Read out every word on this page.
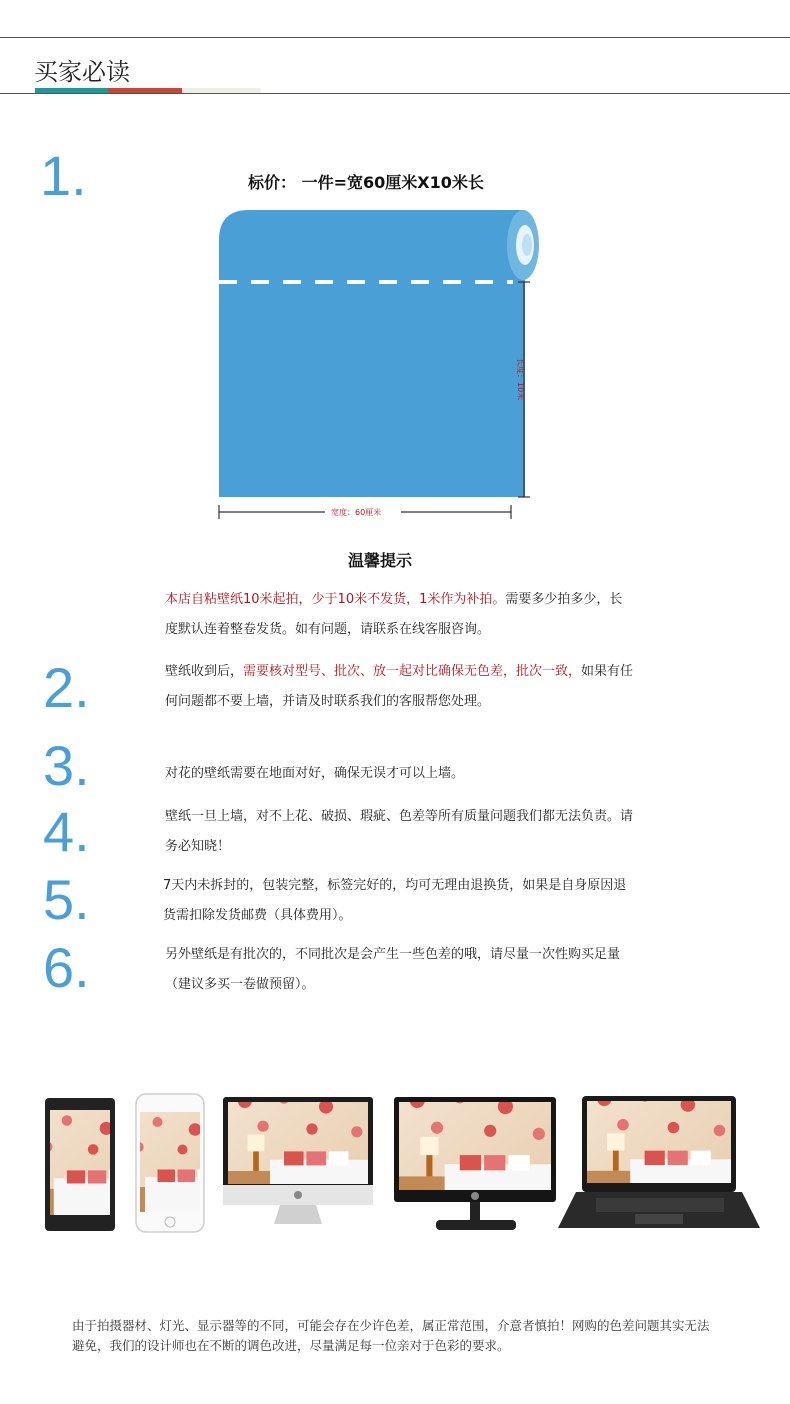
买家必读
1.
2.
3.
4.
5.
6.
标价： 一件=宽60厘米X10米长
长度：10米
宽度：60厘米
温馨提示
本店自粘壁纸10米起拍，少于10米不发货，1米作为补拍。需要多少拍多少，长度默认连着整卷发货。如有问题，请联系在线客服咨询。
壁纸收到后，需要核对型号、批次、放一起对比确保无色差，批次一致，如果有任何问题都不要上墙，并请及时联系我们的客服帮您处理。
对花的壁纸需要在地面对好，确保无误才可以上墙。
壁纸一旦上墙，对不上花、破损、瑕疵、色差等所有质量问题我们都无法负责。请务必知晓！
7天内未拆封的，包装完整，标签完好的，均可无理由退换货，如果是自身原因退货需扣除发货邮费（具体费用）。
另外壁纸是有批次的，不同批次是会产生一些色差的哦，请尽量一次性购买足量（建议多买一卷做预留）。
由于拍摄器材、灯光、显示器等的不同，可能会存在少许色差，属正常范围，介意者慎拍！网购的色差问题其实无法避免，我们的设计师也在不断的调色改进，尽量满足每一位亲对于色彩的要求。
